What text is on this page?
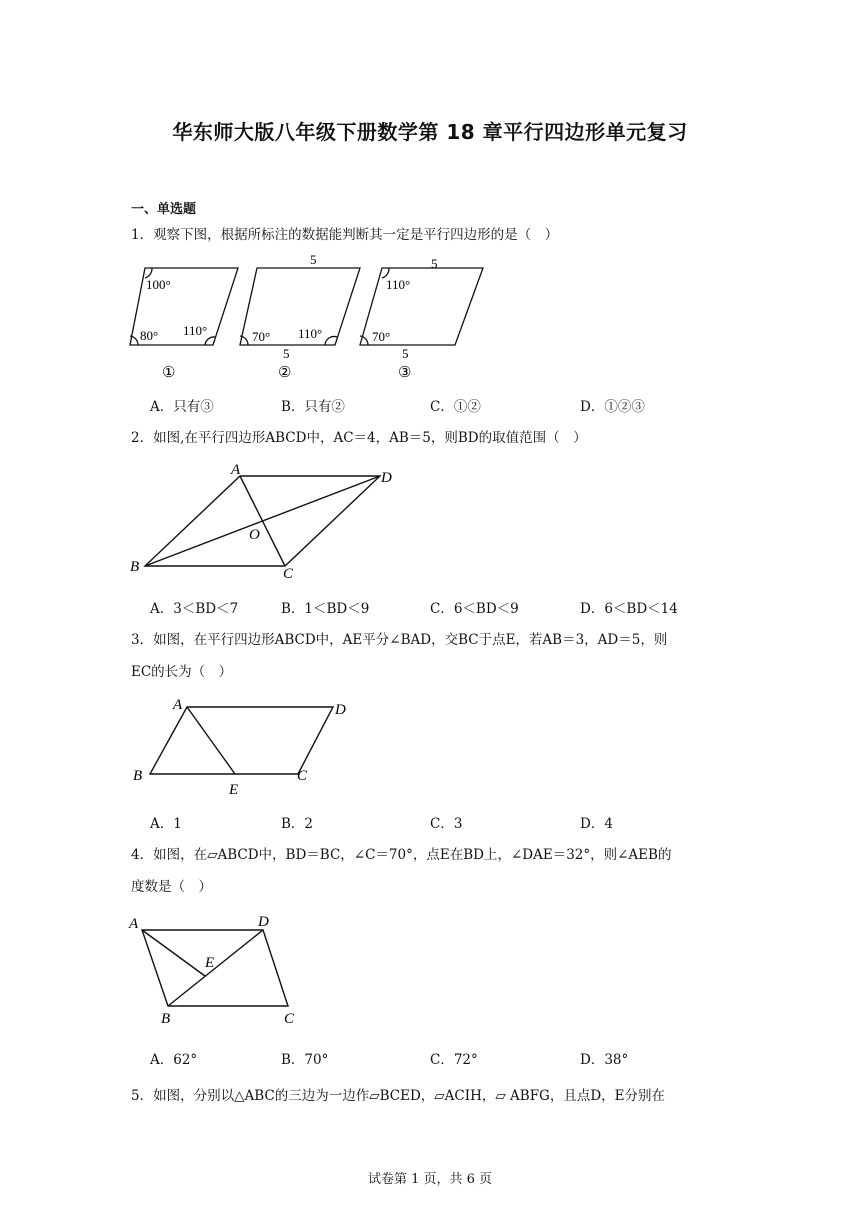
华东师大版八年级下册数学第 18 章平行四边形单元复习
一、单选题
1．观察下图，根据所标注的数据能判断其一定是平行四边形的是（　）
100°
80° 110°
①
5
5
70° 110°
②
5
5
110°
70°
③
A．只有③	B．只有②	C．①②	D．①②③
2．如图,在平行四边形ABCD中，AC＝4，AB＝5，则BD的取值范围（　）
A	D
B	C
O
A．3＜BD＜7	B．1＜BD＜9	C．6＜BD＜9	D．6＜BD＜14
3．如图，在平行四边形ABCD中，AE平分∠BAD，交BC于点E，若AB＝3，AD＝5，则
EC的长为（　）
A	D
B	C
E
A．1	B．2	C．3	D．4
4．如图，在▱ABCD中，BD＝BC，∠C＝70°，点E在BD上，∠DAE＝32°，则∠AEB的
度数是（　）
A	D
B	C
E
A．62°	B．70°	C．72°	D．38°
5．如图，分别以△ABC的三边为一边作▱BCED，▱ACIH，▱ ABFG，且点D，E分别在
试卷第 1 页，共 6 页
